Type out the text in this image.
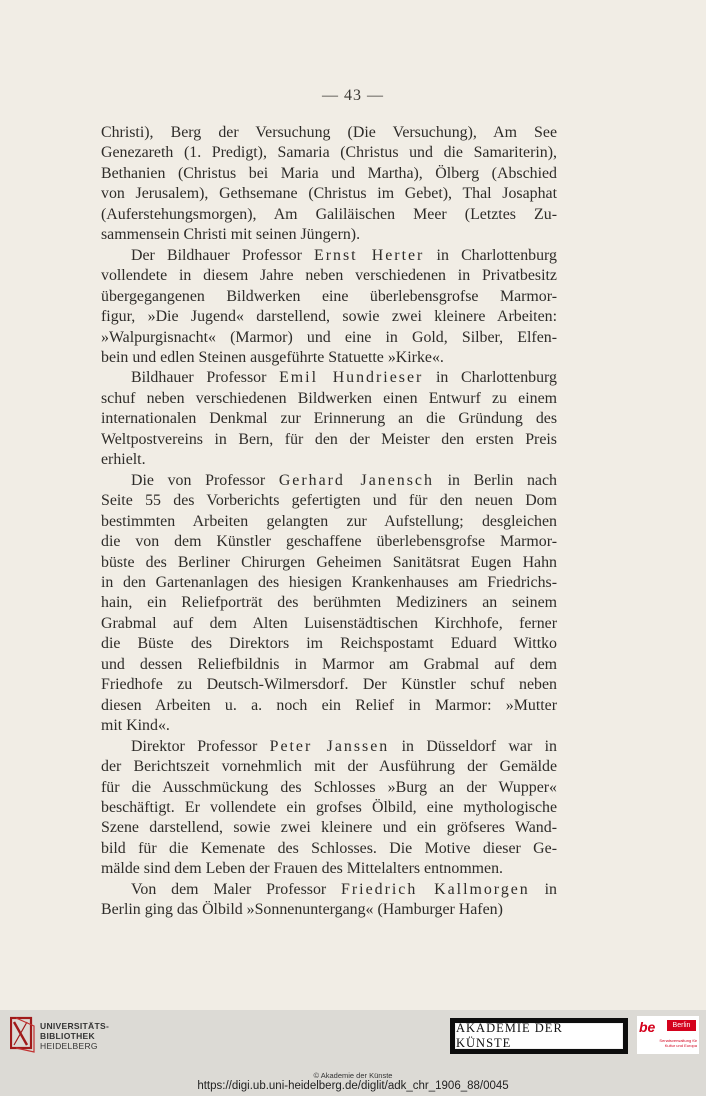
— 43 —
Christi), Berg der Versuchung (Die Versuchung), Am See
Genezareth (1. Predigt), Samaria (Christus und die Samariterin),
Bethanien (Christus bei Maria und Martha), Ölberg (Abschied
von Jerusalem), Gethsemane (Christus im Gebet), Thal Josaphat
(Auferstehungsmorgen), Am Galiläischen Meer (Letztes Zu-
sammensein Christi mit seinen Jüngern).
Der Bildhauer Professor Ernst Herter in Charlottenburg
vollendete in diesem Jahre neben verschiedenen in Privatbesitz
übergegangenen Bildwerken eine überlebensgrofse Marmor-
figur, »Die Jugend« darstellend, sowie zwei kleinere Arbeiten:
»Walpurgisnacht« (Marmor) und eine in Gold, Silber, Elfen-
bein und edlen Steinen ausgeführte Statuette »Kirke«.
Bildhauer Professor Emil Hundrieser in Charlottenburg
schuf neben verschiedenen Bildwerken einen Entwurf zu einem
internationalen Denkmal zur Erinnerung an die Gründung des
Weltpostvereins in Bern, für den der Meister den ersten Preis
erhielt.
Die von Professor Gerhard Janensch in Berlin nach
Seite 55 des Vorberichts gefertigten und für den neuen Dom
bestimmten Arbeiten gelangten zur Aufstellung; desgleichen
die von dem Künstler geschaffene überlebensgrofse Marmor-
büste des Berliner Chirurgen Geheimen Sanitätsrat Eugen Hahn
in den Gartenanlagen des hiesigen Krankenhauses am Friedrichs-
hain, ein Reliefporträt des berühmten Mediziners an seinem
Grabmal auf dem Alten Luisenstädtischen Kirchhofe, ferner
die Büste des Direktors im Reichspostamt Eduard Wittko
und dessen Reliefbildnis in Marmor am Grabmal auf dem
Friedhofe zu Deutsch-Wilmersdorf. Der Künstler schuf neben
diesen Arbeiten u. a. noch ein Relief in Marmor: »Mutter
mit Kind«.
Direktor Professor Peter Janssen in Düsseldorf war in
der Berichtszeit vornehmlich mit der Ausführung der Gemälde
für die Ausschmückung des Schlosses »Burg an der Wupper«
beschäftigt. Er vollendete ein grofses Ölbild, eine mythologische
Szene darstellend, sowie zwei kleinere und ein gröfseres Wand-
bild für die Kemenate des Schlosses. Die Motive dieser Ge-
mälde sind dem Leben der Frauen des Mittelalters entnommen.
Von dem Maler Professor Friedrich Kallmorgen in
Berlin ging das Ölbild »Sonnenuntergang« (Hamburger Hafen)
UNIVERSITÄTS-
BIBLIOTHEK
HEIDELBERG
AKADEMIE DER KÜNSTE
be	Berlin
Senatsverwaltung für Kultur und Europa
© Akademie der Künste
https://digi.ub.uni-heidelberg.de/diglit/adk_chr_1906_88/0045
